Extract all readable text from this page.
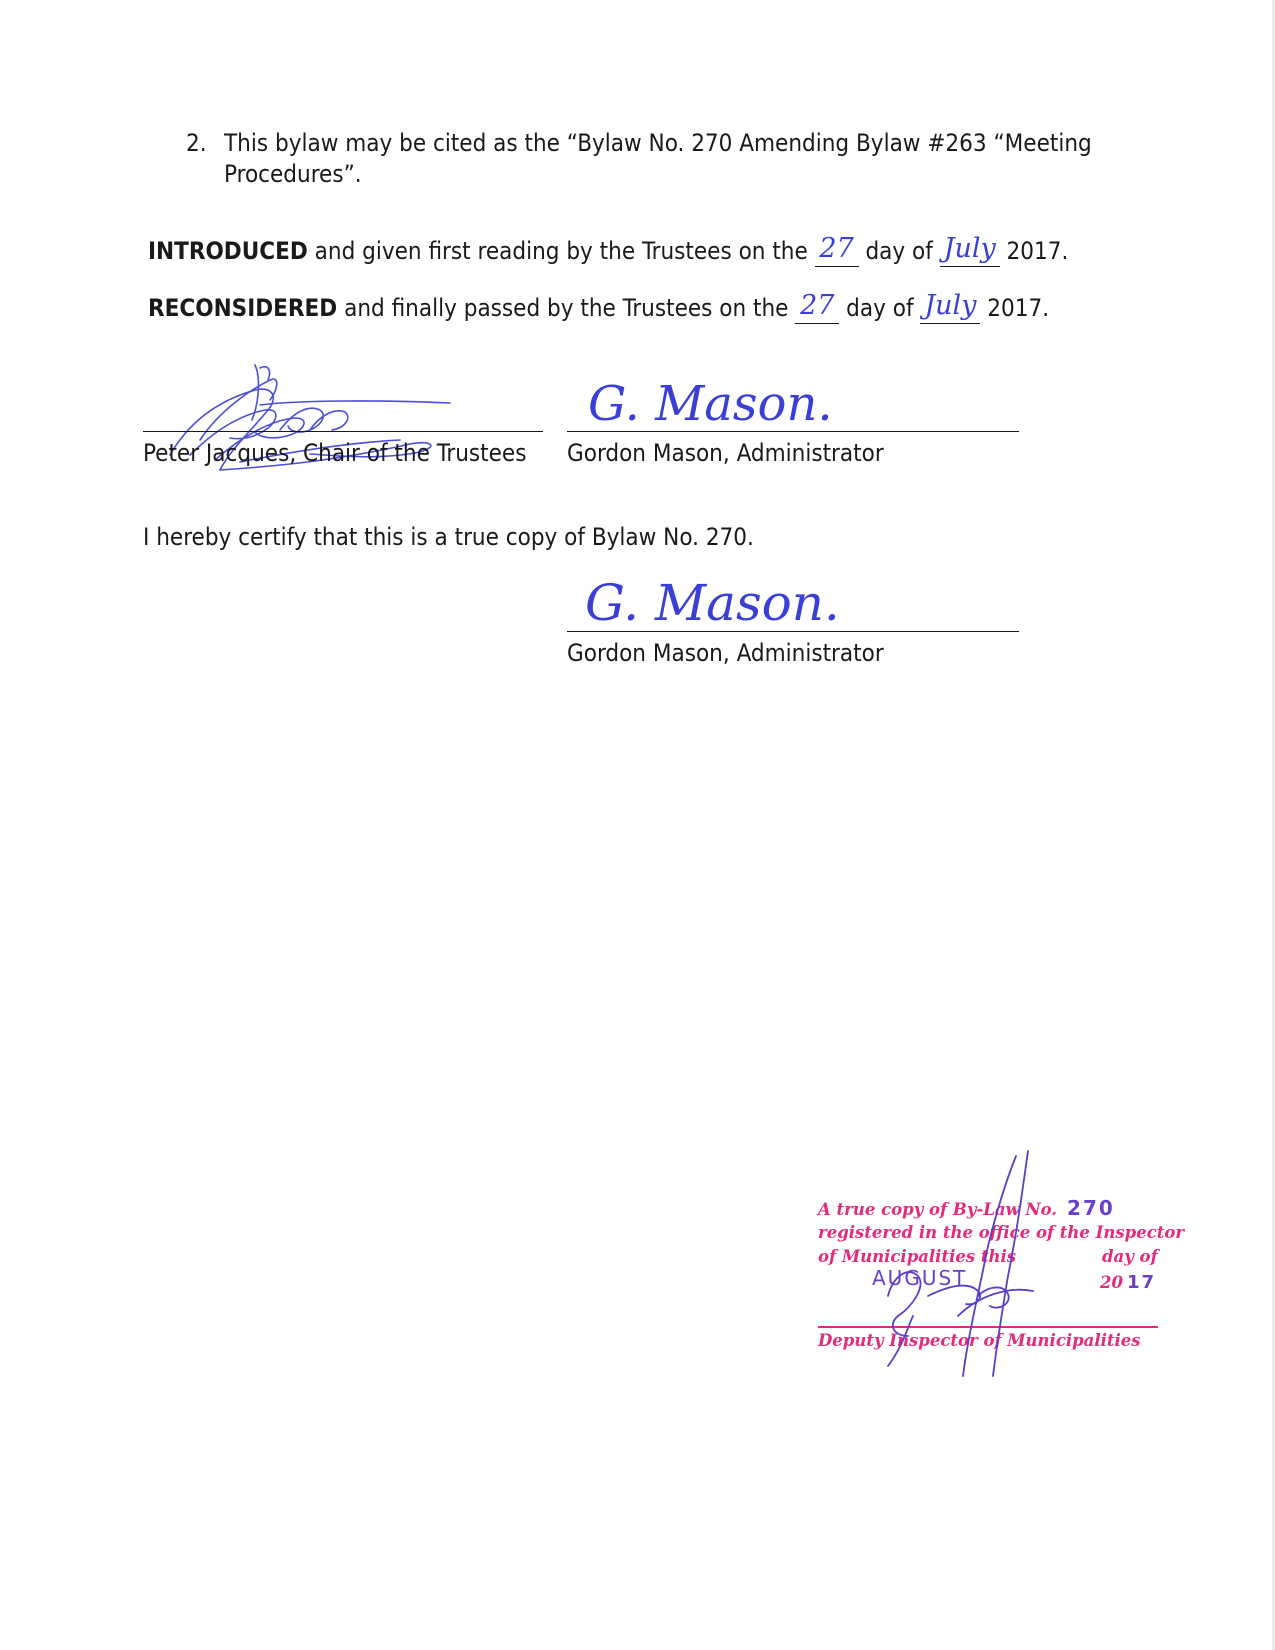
2. This bylaw may be cited as the “Bylaw No. 270 Amending Bylaw #263 “Meeting Procedures”.
INTRODUCED and given first reading by the Trustees on the 27 day of July 2017.
RECONSIDERED and finally passed by the Trustees on the 27 day of July 2017.
Peter Jacques, Chair of the Trustees
G. Mason.
Gordon Mason, Administrator
I hereby certify that this is a true copy of Bylaw No. 270.
G. Mason.
Gordon Mason, Administrator
A true copy of By-Law No. 270
registered in the office of the Inspector
of Municipalities this	day of
AUGUST	20 17
Deputy Inspector of Municipalities
